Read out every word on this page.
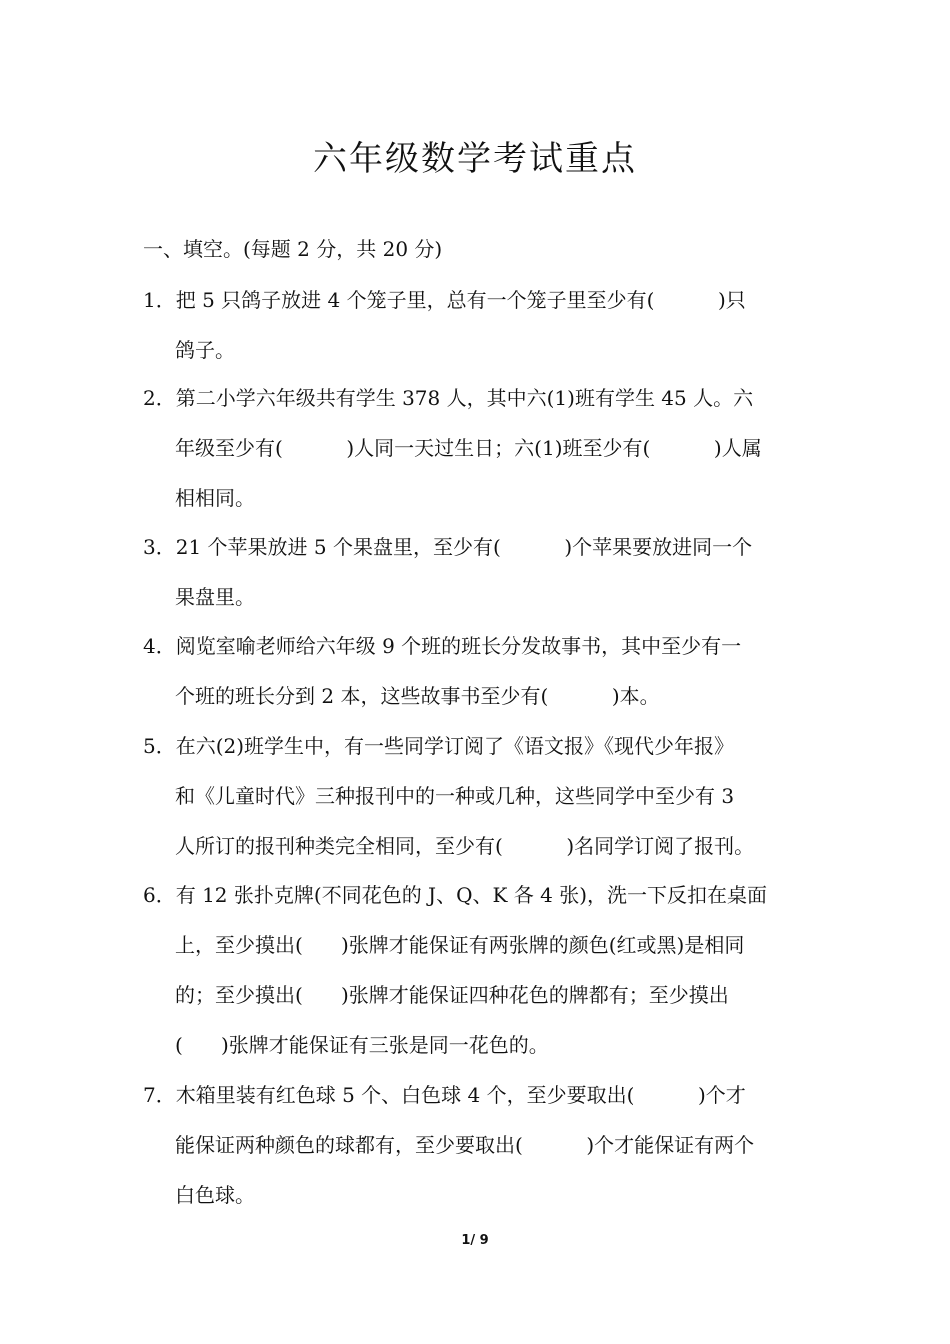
六年级数学考试重点
一、填空。(每题 2 分，共 20 分)
1．把 5 只鸽子放进 4 个笼子里，总有一个笼子里至少有(          )只
鸽子。
2．第二小学六年级共有学生 378 人，其中六(1)班有学生 45 人。六
年级至少有(          )人同一天过生日；六(1)班至少有(          )人属
相相同。
3．21 个苹果放进 5 个果盘里，至少有(          )个苹果要放进同一个
果盘里。
4．阅览室喻老师给六年级 9 个班的班长分发故事书，其中至少有一
个班的班长分到 2 本，这些故事书至少有(          )本。
5．在六(2)班学生中，有一些同学订阅了《语文报》《现代少年报》
和《儿童时代》三种报刊中的一种或几种，这些同学中至少有 3
人所订的报刊种类完全相同，至少有(          )名同学订阅了报刊。
6．有 12 张扑克牌(不同花色的 J、Q、K 各 4 张)，洗一下反扣在桌面
上，至少摸出(      )张牌才能保证有两张牌的颜色(红或黑)是相同
的；至少摸出(      )张牌才能保证四种花色的牌都有；至少摸出
(      )张牌才能保证有三张是同一花色的。
7．木箱里装有红色球 5 个、白色球 4 个，至少要取出(          )个才
能保证两种颜色的球都有，至少要取出(          )个才能保证有两个
白色球。
1/ 9
